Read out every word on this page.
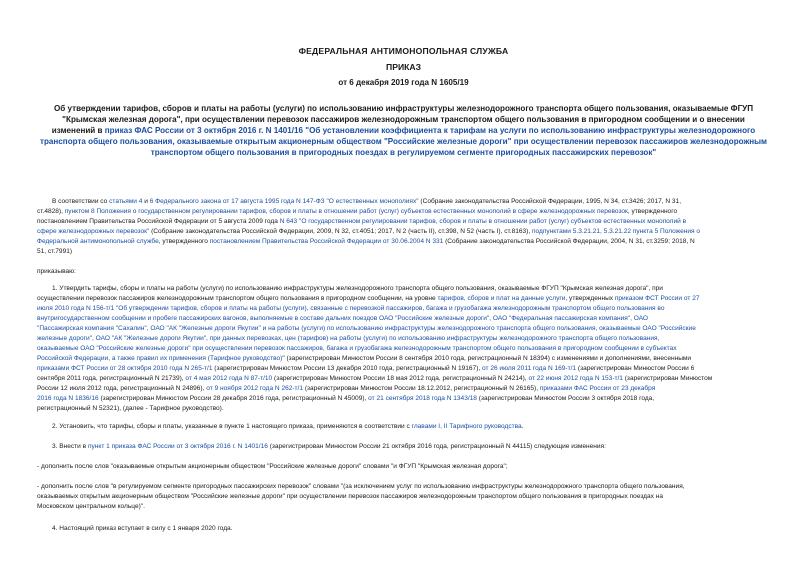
ФЕДЕРАЛЬНАЯ АНТИМОНОПОЛЬНАЯ СЛУЖБА
ПРИКАЗ
от 6 декабря 2019 года N 1605/19
Об утверждении тарифов, сборов и платы на работы (услуги) по использованию инфраструктуры железнодорожного транспорта общего пользования, оказываемые ФГУП "Крымская железная дорога", при осуществлении перевозок пассажиров железнодорожным транспортом общего пользования в пригородном сообщении и о внесении изменений в приказ ФАС России от 3 октября 2016 г. N 1401/16 "Об установлении коэффициента к тарифам на услуги по использованию инфраструктуры железнодорожного транспорта общего пользования, оказываемые открытым акционерным обществом "Российские железные дороги" при осуществлении перевозок пассажиров железнодорожным транспортом общего пользования в пригородных поездах в регулируемом сегменте пригородных пассажирских перевозок"
В соответствии со статьями 4 и 6 Федерального закона от 17 августа 1995 года N 147-ФЗ "О естественных монополиях" (Собрание законодательства Российской Федерации, 1995, N 34, ст.3426; 2017, N 31,
ст.4828), пунктом 8 Положения о государственном регулировании тарифов, сборов и платы в отношении работ (услуг) субъектов естественных монополий в сфере железнодорожных перевозок, утвержденного
постановлением Правительства Российской Федерации от 5 августа 2009 года N 643 "О государственном регулировании тарифов, сборов и платы в отношении работ (услуг) субъектов естественных монополий в
сфере железнодорожных перевозок" (Собрание законодательства Российской Федерации, 2009, N 32, ст.4051; 2017, N 2 (часть II), ст.398, N 52 (часть I), ст.8163), подпунктами 5.3.21.21, 5.3.21.22 пункта 5 Положения о
Федеральной антимонопольной службе, утвержденного постановлением Правительства Российской Федерации от 30.06.2004 N 331 (Собрание законодательства Российской Федерации, 2004, N 31, ст.3259; 2018, N
51, ст.7991)
приказываю:
1. Утвердить тарифы, сборы и платы на работы (услуги) по использованию инфраструктуры железнодорожного транспорта общего пользования, оказываемые ФГУП "Крымская железная дорога", при
осуществлении перевозок пассажиров железнодорожным транспортом общего пользования в пригородном сообщении, на уровне тарифов, сборов и плат на данные услуги, утвержденных приказом ФСТ России от 27
июля 2010 года N 156-т/1 "Об утверждении тарифов, сборов и платы на работы (услуги), связанные с перевозкой пассажиров, багажа и грузобагажа железнодорожным транспортом общего пользования во
внутригосударственном сообщении и пробеге пассажирских вагонов, выполняемые в составе дальних поездов ОАО "Российские железные дороги", ОАО "Федеральная пассажирская компания", ОАО
"Пассажирская компания "Сахалин", ОАО "АК "Железные дороги Якутии" и на работы (услуги) по использованию инфраструктуры железнодорожного транспорта общего пользования, оказываемые ОАО "Российские
железные дороги", ОАО "АК "Железные дороги Якутии", при данных перевозках, цен (тарифов) на работы (услуги) по использованию инфраструктуры железнодорожного транспорта общего пользования,
оказываемые ОАО "Российские железные дороги" при осуществлении перевозок пассажиров, багажа и грузобагажа железнодорожным транспортом общего пользования в пригородном сообщении в субъектах
Российской Федерации, а также правил их применения (Тарифное руководство)" (зарегистрирован Минюстом России 8 сентября 2010 года, регистрационный N 18394) с изменениями и дополнениями, внесенными
приказами ФСТ России от 28 октября 2010 года N 265-т/1 (зарегистрирован Минюстом России 13 декабря 2010 года, регистрационный N 19167), от 26 июля 2011 года N 169-т/1 (зарегистрирован Минюстом России 6
сентября 2011 года, регистрационный N 21739), от 4 мая 2012 года N 87-т/10 (зарегистрирован Минюстом России 18 мая 2012 года, регистрационный N 24214), от 22 июня 2012 года N 153-т/1 (зарегистрирован Минюстом
России 12 июля 2012 года, регистрационный N 24896), от 9 ноября 2012 года N 262-т/1 (зарегистрирован Минюстом России 18.12.2012, регистрационный N 26165), приказами ФАС России от 23 декабря
2016 года N 1836/16 (зарегистрирован Минюстом России 28 декабря 2016 года, регистрационный N 45009), от 21 сентября 2018 года N 1343/18 (зарегистрирован Минюстом России 3 октября 2018 года,
регистрационный N 52321), (далее - Тарифное руководство).
2. Установить, что тарифы, сборы и платы, указанные в пункте 1 настоящего приказа, применяются в соответствии с главами I, II Тарифного руководства.
3. Внести в пункт 1 приказа ФАС России от 3 октября 2016 г. N 1401/16 (зарегистрирован Минюстом России 21 октября 2016 года, регистрационный N 44115) следующие изменения:
- дополнить после слов "оказываемые открытым акционерным обществом "Российские железные дороги" словами "и ФГУП "Крымская железная дорога";
- дополнить после слов "в регулируемом сегменте пригородных пассажирских перевозок" словами "(за исключением услуг по использованию инфраструктуры железнодорожного транспорта общего пользования,
оказываемых открытым акционерным обществом "Российские железные дороги" при осуществлении перевозок пассажиров железнодорожным транспортом общего пользования в пригородных поездах на
Московском центральном кольце)".
4. Настоящий приказ вступает в силу с 1 января 2020 года.
